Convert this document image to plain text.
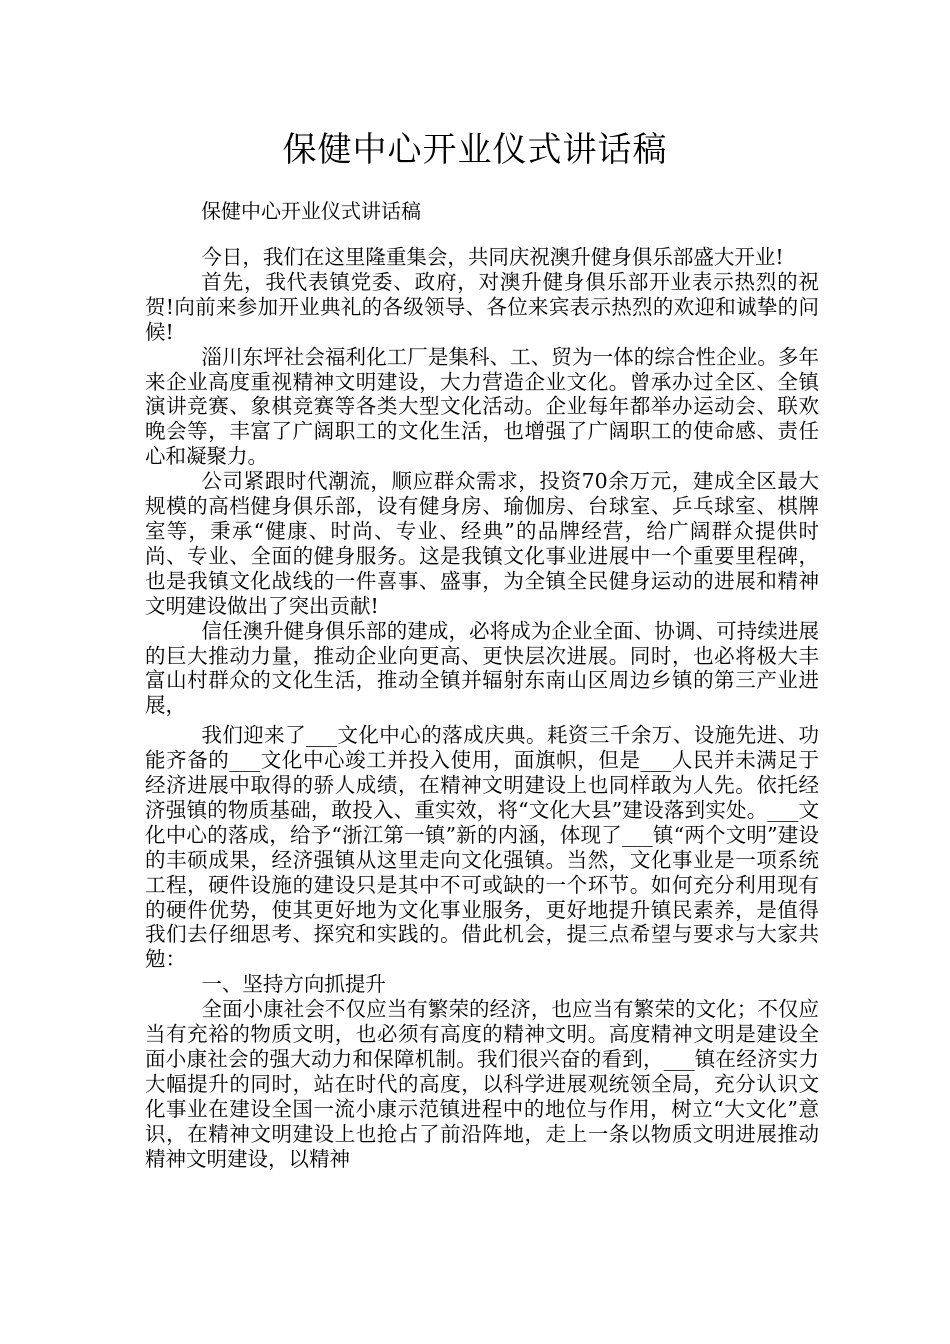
保健中心开业仪式讲话稿
保健中心开业仪式讲话稿

今日，我们在这里隆重集会，共同庆祝澳升健身俱乐部盛大开业!

首先，我代表镇党委、政府，对澳升健身俱乐部开业表示热烈的祝贺!向前来参加开业典礼的各级领导、各位来宾表示热烈的欢迎和诚挚的问候!

淄川东坪社会福利化工厂是集科、工、贸为一体的综合性企业。多年来企业高度重视精神文明建设，大力营造企业文化。曾承办过全区、全镇演讲竞赛、象棋竞赛等各类大型文化活动。企业每年都举办运动会、联欢晚会等，丰富了广阔职工的文化生活，也增强了广阔职工的使命感、责任心和凝聚力。

公司紧跟时代潮流，顺应群众需求，投资70余万元，建成全区最大规模的高档健身俱乐部，设有健身房、瑜伽房、台球室、乒乓球室、棋牌室等，秉承“健康、时尚、专业、经典”的品牌经营，给广阔群众提供时尚、专业、全面的健身服务。这是我镇文化事业进展中一个重要里程碑，也是我镇文化战线的一件喜事、盛事，为全镇全民健身运动的进展和精神文明建设做出了突出贡献!

信任澳升健身俱乐部的建成，必将成为企业全面、协调、可持续进展的巨大推动力量，推动企业向更高、更快层次进展。同时，也必将极大丰富山村群众的文化生活，推动全镇并辐射东南山区周边乡镇的第三产业进展，

我们迎来了___文化中心的落成庆典。耗资三千余万、设施先进、功能齐备的___文化中心竣工并投入使用，面旗帜，但是___人民并未满足于经济进展中取得的骄人成绩，在精神文明建设上也同样敢为人先。依托经济强镇的物质基础，敢投入、重实效，将“文化大县”建设落到实处。___文化中心的落成，给予“浙江第一镇”新的内涵，体现了___镇“两个文明”建设的丰硕成果，经济强镇从这里走向文化强镇。当然，文化事业是一项系统工程，硬件设施的建设只是其中不可或缺的一个环节。如何充分利用现有的硬件优势，使其更好地为文化事业服务，更好地提升镇民素养，是值得我们去仔细思考、探究和实践的。借此机会，提三点希望与要求与大家共勉：

一、坚持方向抓提升

全面小康社会不仅应当有繁荣的经济，也应当有繁荣的文化；不仅应当有充裕的物质文明，也必须有高度的精神文明。高度精神文明是建设全面小康社会的强大动力和保障机制。我们很兴奋的看到，___镇在经济实力大幅提升的同时，站在时代的高度，以科学进展观统领全局，充分认识文化事业在建设全国一流小康示范镇进程中的地位与作用，树立“大文化”意识，在精神文明建设上也抢占了前沿阵地，走上一条以物质文明进展推动精神文明建设，以精神
